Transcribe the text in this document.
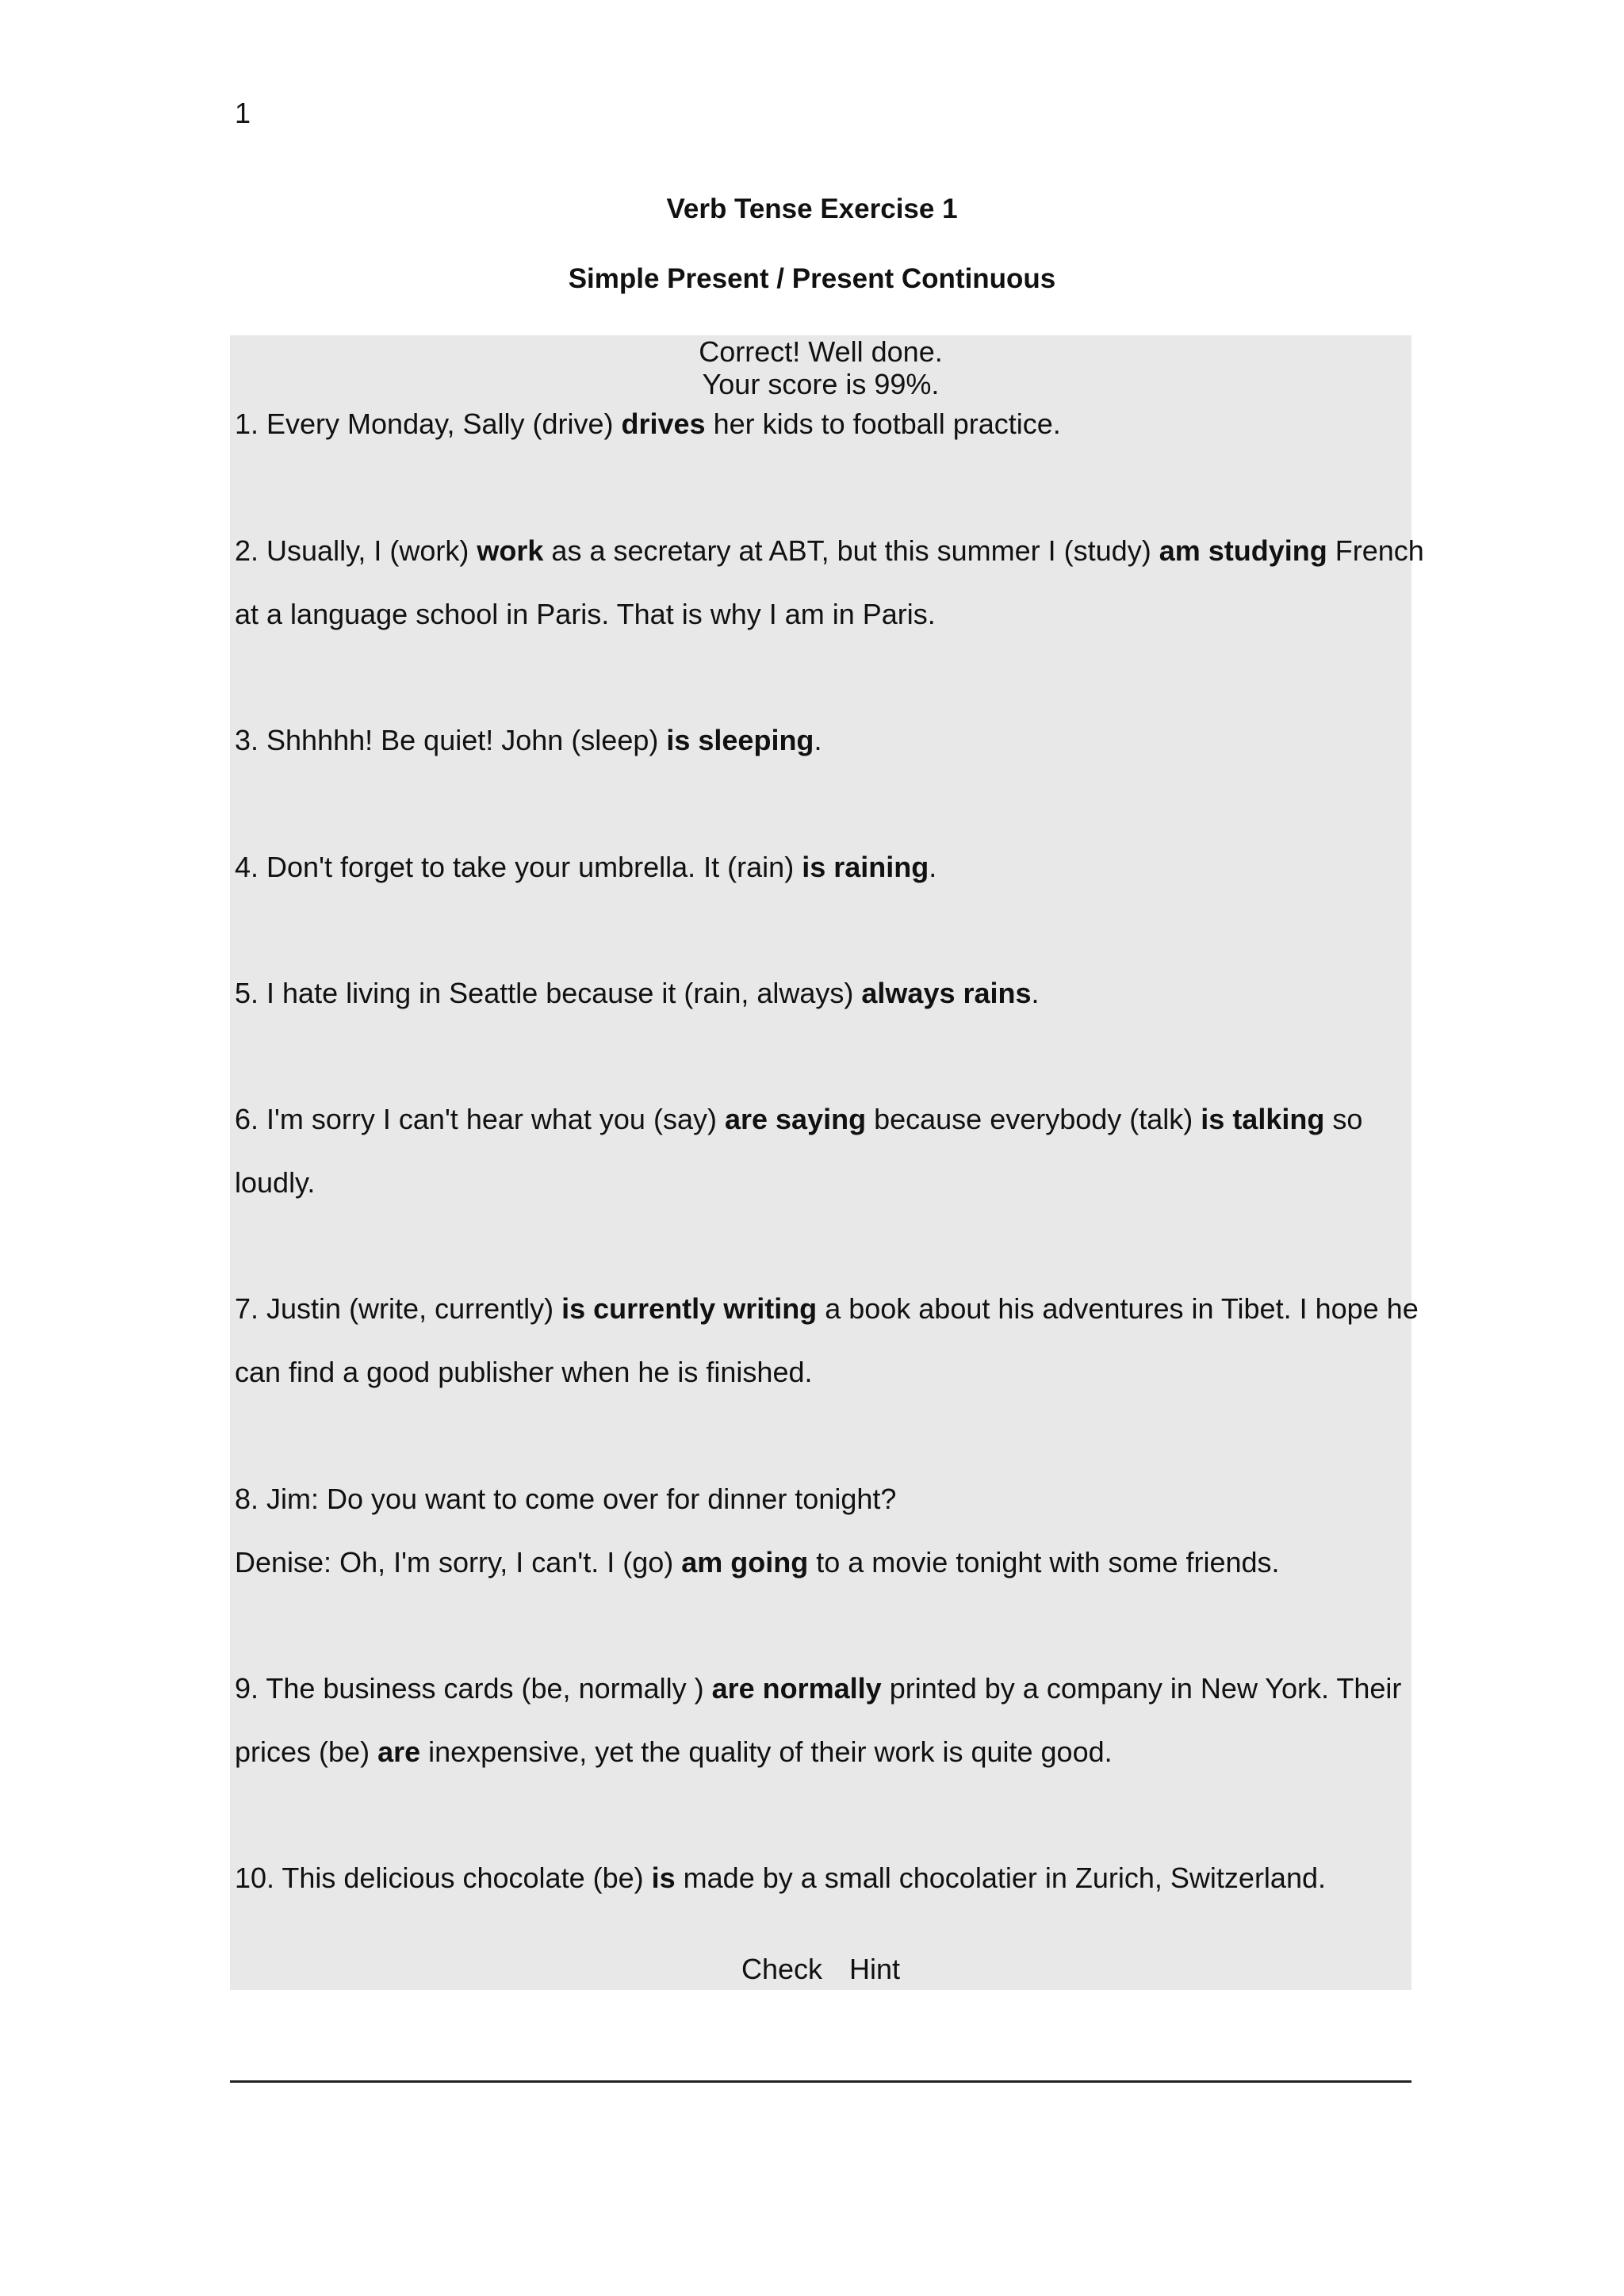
1
Verb Tense Exercise 1
Simple Present / Present Continuous
Correct! Well done.
Your score is 99%.
1. Every Monday, Sally (drive) drives her kids to football practice.
2. Usually, I (work) work as a secretary at ABT, but this summer I (study) am studying French
at a language school in Paris. That is why I am in Paris.
3. Shhhhh! Be quiet! John (sleep) is sleeping.
4. Don't forget to take your umbrella. It (rain) is raining.
5. I hate living in Seattle because it (rain, always) always rains.
6. I'm sorry I can't hear what you (say) are saying because everybody (talk) is talking so
loudly.
7. Justin (write, currently) is currently writing a book about his adventures in Tibet. I hope he
can find a good publisher when he is finished.
8. Jim: Do you want to come over for dinner tonight?
Denise: Oh, I'm sorry, I can't. I (go) am going to a movie tonight with some friends.
9. The business cards (be, normally ) are normally printed by a company in New York. Their
prices (be) are inexpensive, yet the quality of their work is quite good.
10. This delicious chocolate (be) is made by a small chocolatier in Zurich, Switzerland.
Check Hint
